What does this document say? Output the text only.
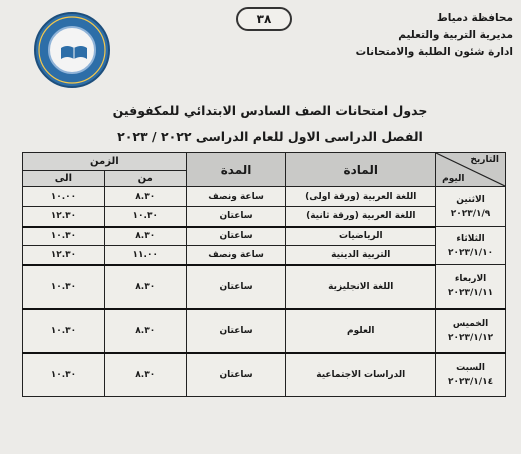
محافظة دمياط
مديرية التربية والتعليم
ادارة شئون الطلبة والامتحانات
٣٨
جدول امتحانات الصف السادس الابتدائي للمكفوفين
الفصل الدراسى الاول للعام الدراسى ٢٠٢٢ / ٢٠٢٣
التاريخ
اليوم	المادة	المدة	الزمن	
			من	الى

الاثنين
٢٠٢٣/١/٩	اللغة العربية (ورقة اولى)	ساعة ونصف	٨.٣٠	١٠.٠٠
	اللغة العربية (ورقة ثانية)	ساعتان	١٠.٣٠	١٢.٣٠

الثلاثاء
٢٠٢٣/١/١٠	الرياضيات	ساعتان	٨.٣٠	١٠.٣٠
	التربية الدينية	ساعة ونصف	١١.٠٠	١٢.٣٠

الاربعاء
٢٠٢٣/١/١١	اللغة الانجليزية	ساعتان	٨.٣٠	١٠.٣٠

الخميس
٢٠٢٣/١/١٢	العلوم	ساعتان	٨.٣٠	١٠.٣٠

السبت
٢٠٢٣/١/١٤	الدراسات الاجتماعية	ساعتان	٨.٣٠	١٠.٣٠
